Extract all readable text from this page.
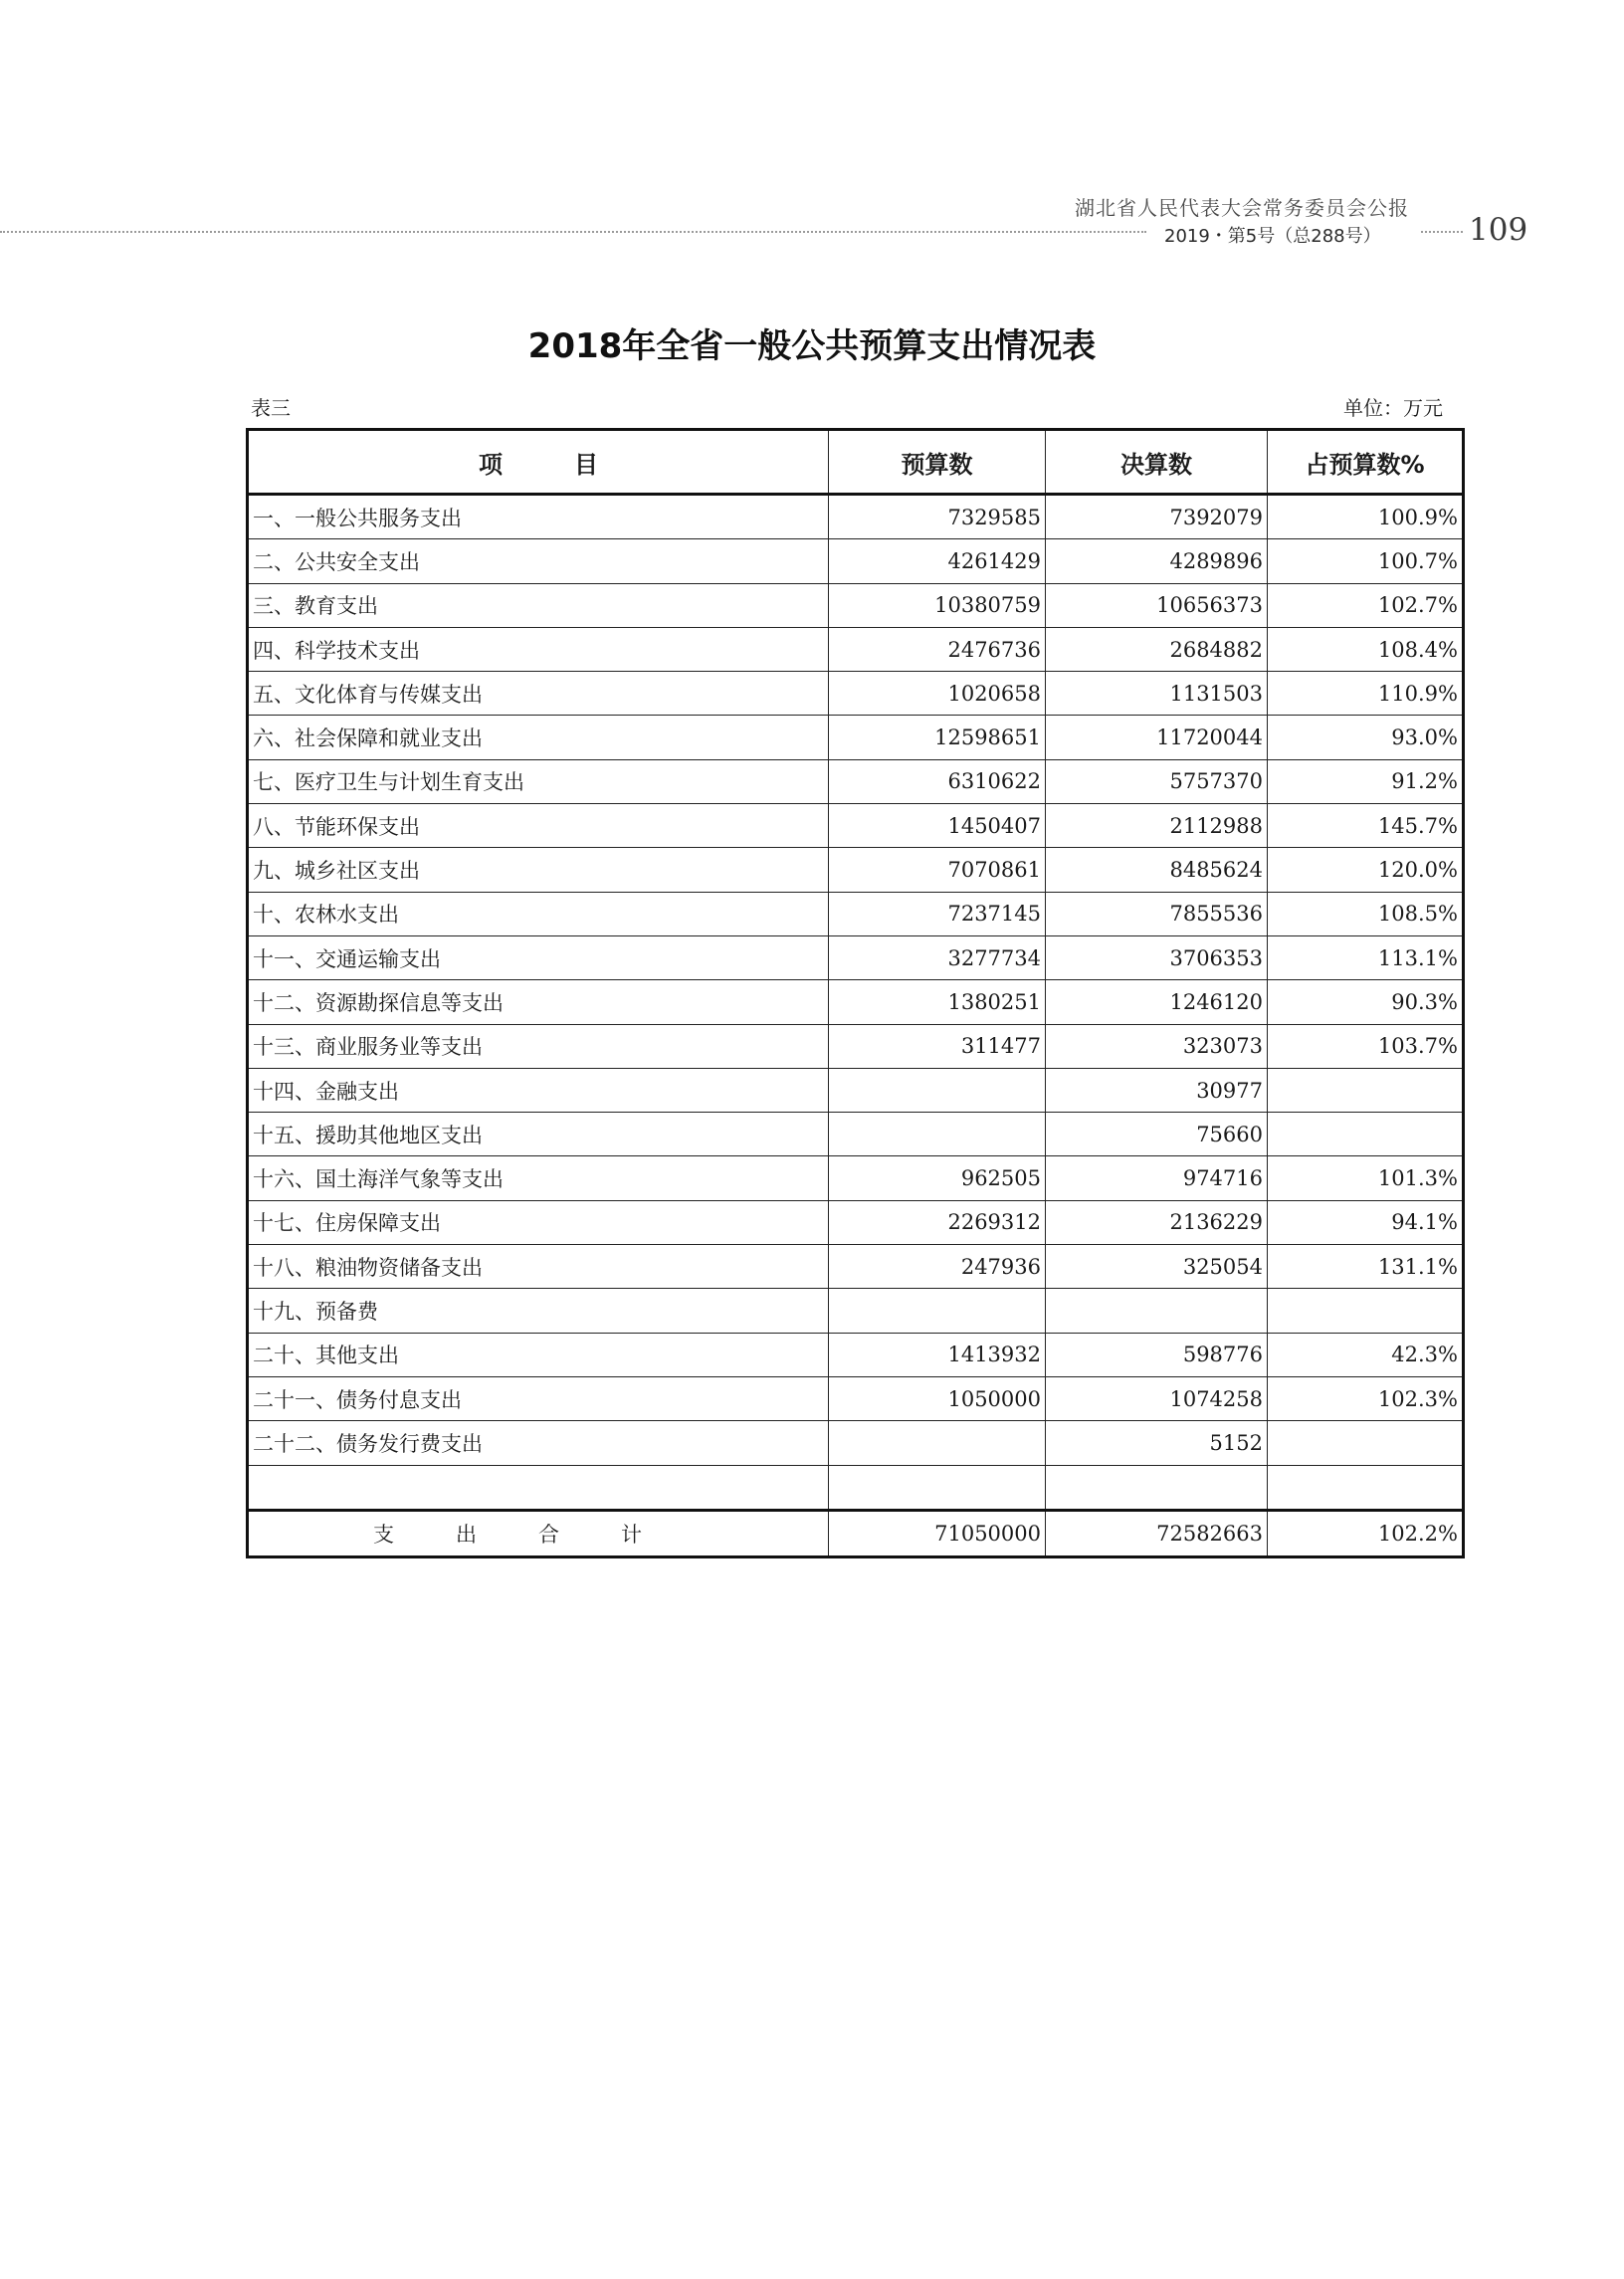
湖北省人民代表大会常务委员会公报
2019・第5号（总288号）	109
2018年全省一般公共预算支出情况表
表三	单位：万元
项　　　目	预算数	决算数	占预算数%
一、一般公共服务支出	7329585	7392079	100.9%
二、公共安全支出	4261429	4289896	100.7%
三、教育支出	10380759	10656373	102.7%
四、科学技术支出	2476736	2684882	108.4%
五、文化体育与传媒支出	1020658	1131503	110.9%
六、社会保障和就业支出	12598651	11720044	93.0%
七、医疗卫生与计划生育支出	6310622	5757370	91.2%
八、节能环保支出	1450407	2112988	145.7%
九、城乡社区支出	7070861	8485624	120.0%
十、农林水支出	7237145	7855536	108.5%
十一、交通运输支出	3277734	3706353	113.1%
十二、资源勘探信息等支出	1380251	1246120	90.3%
十三、商业服务业等支出	311477	323073	103.7%
十四、金融支出		30977	
十五、援助其他地区支出		75660	
十六、国土海洋气象等支出	962505	974716	101.3%
十七、住房保障支出	2269312	2136229	94.1%
十八、粮油物资储备支出	247936	325054	131.1%
十九、预备费			
二十、其他支出	1413932	598776	42.3%
二十一、债务付息支出	1050000	1074258	102.3%
二十二、债务发行费支出		5152	

支出合计	71050000	72582663	102.2%
